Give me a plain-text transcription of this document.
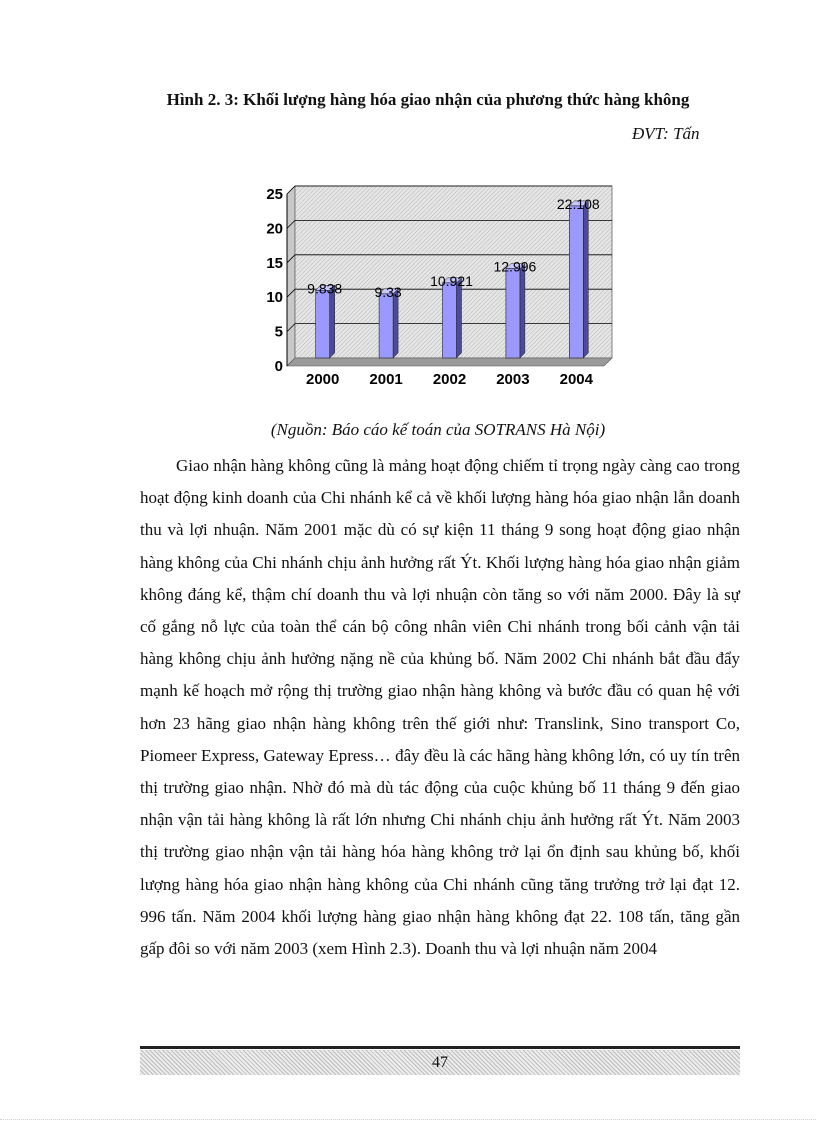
Hình 2. 3: Khối lượng hàng hóa giao nhận của phương thức hàng không
ĐVT: Tấn
0
5
10
15
20
25
9.838
2000
9.33
2001
10.921
2002
12.996
2003
22.108
2004
(Nguồn: Báo cáo kế toán của SOTRANS Hà Nội)

Giao nhận hàng không cũng là mảng hoạt động chiếm tỉ trọng ngày càng cao trong hoạt động kinh doanh của Chi nhánh kể cả về khối lượng hàng hóa giao nhận lẫn doanh thu và lợi nhuận. Năm 2001 mặc dù có sự kiện 11 tháng 9 song hoạt động giao nhận hàng không của Chi nhánh chịu ảnh hưởng rất Ýt. Khối lượng hàng hóa giao nhận giảm không đáng kể, thậm chí doanh thu và lợi nhuận còn tăng so với năm 2000. Đây là sự cố gắng nỗ lực của toàn thể cán bộ công nhân viên Chi nhánh trong bối cảnh vận tải hàng không chịu ảnh hưởng nặng nề của khủng bố. Năm 2002 Chi nhánh bắt đầu đẩy mạnh kế hoạch mở rộng thị trường giao nhận hàng không và bước đầu có quan hệ với hơn 23 hãng giao nhận hàng không trên thế giới như: Translink, Sino transport Co, Piomeer Express, Gateway Epress… đây đều là các hãng hàng không lớn, có uy tín trên thị trường giao nhận. Nhờ đó mà dù tác động của cuộc khủng bố 11 tháng 9 đến giao nhận vận tải hàng không là rất lớn nhưng Chi nhánh chịu ảnh hưởng rất Ýt. Năm 2003 thị trường giao nhận vận tải hàng hóa hàng không trở lại ổn định sau khủng bố, khối lượng hàng hóa giao nhận hàng không của Chi nhánh cũng tăng trưởng trở lại đạt 12. 996 tấn. Năm 2004 khối lượng hàng giao nhận hàng không đạt 22. 108 tấn, tăng gần gấp đôi so với năm 2003 (xem Hình 2.3). Doanh thu và lợi nhuận năm 2004

47
